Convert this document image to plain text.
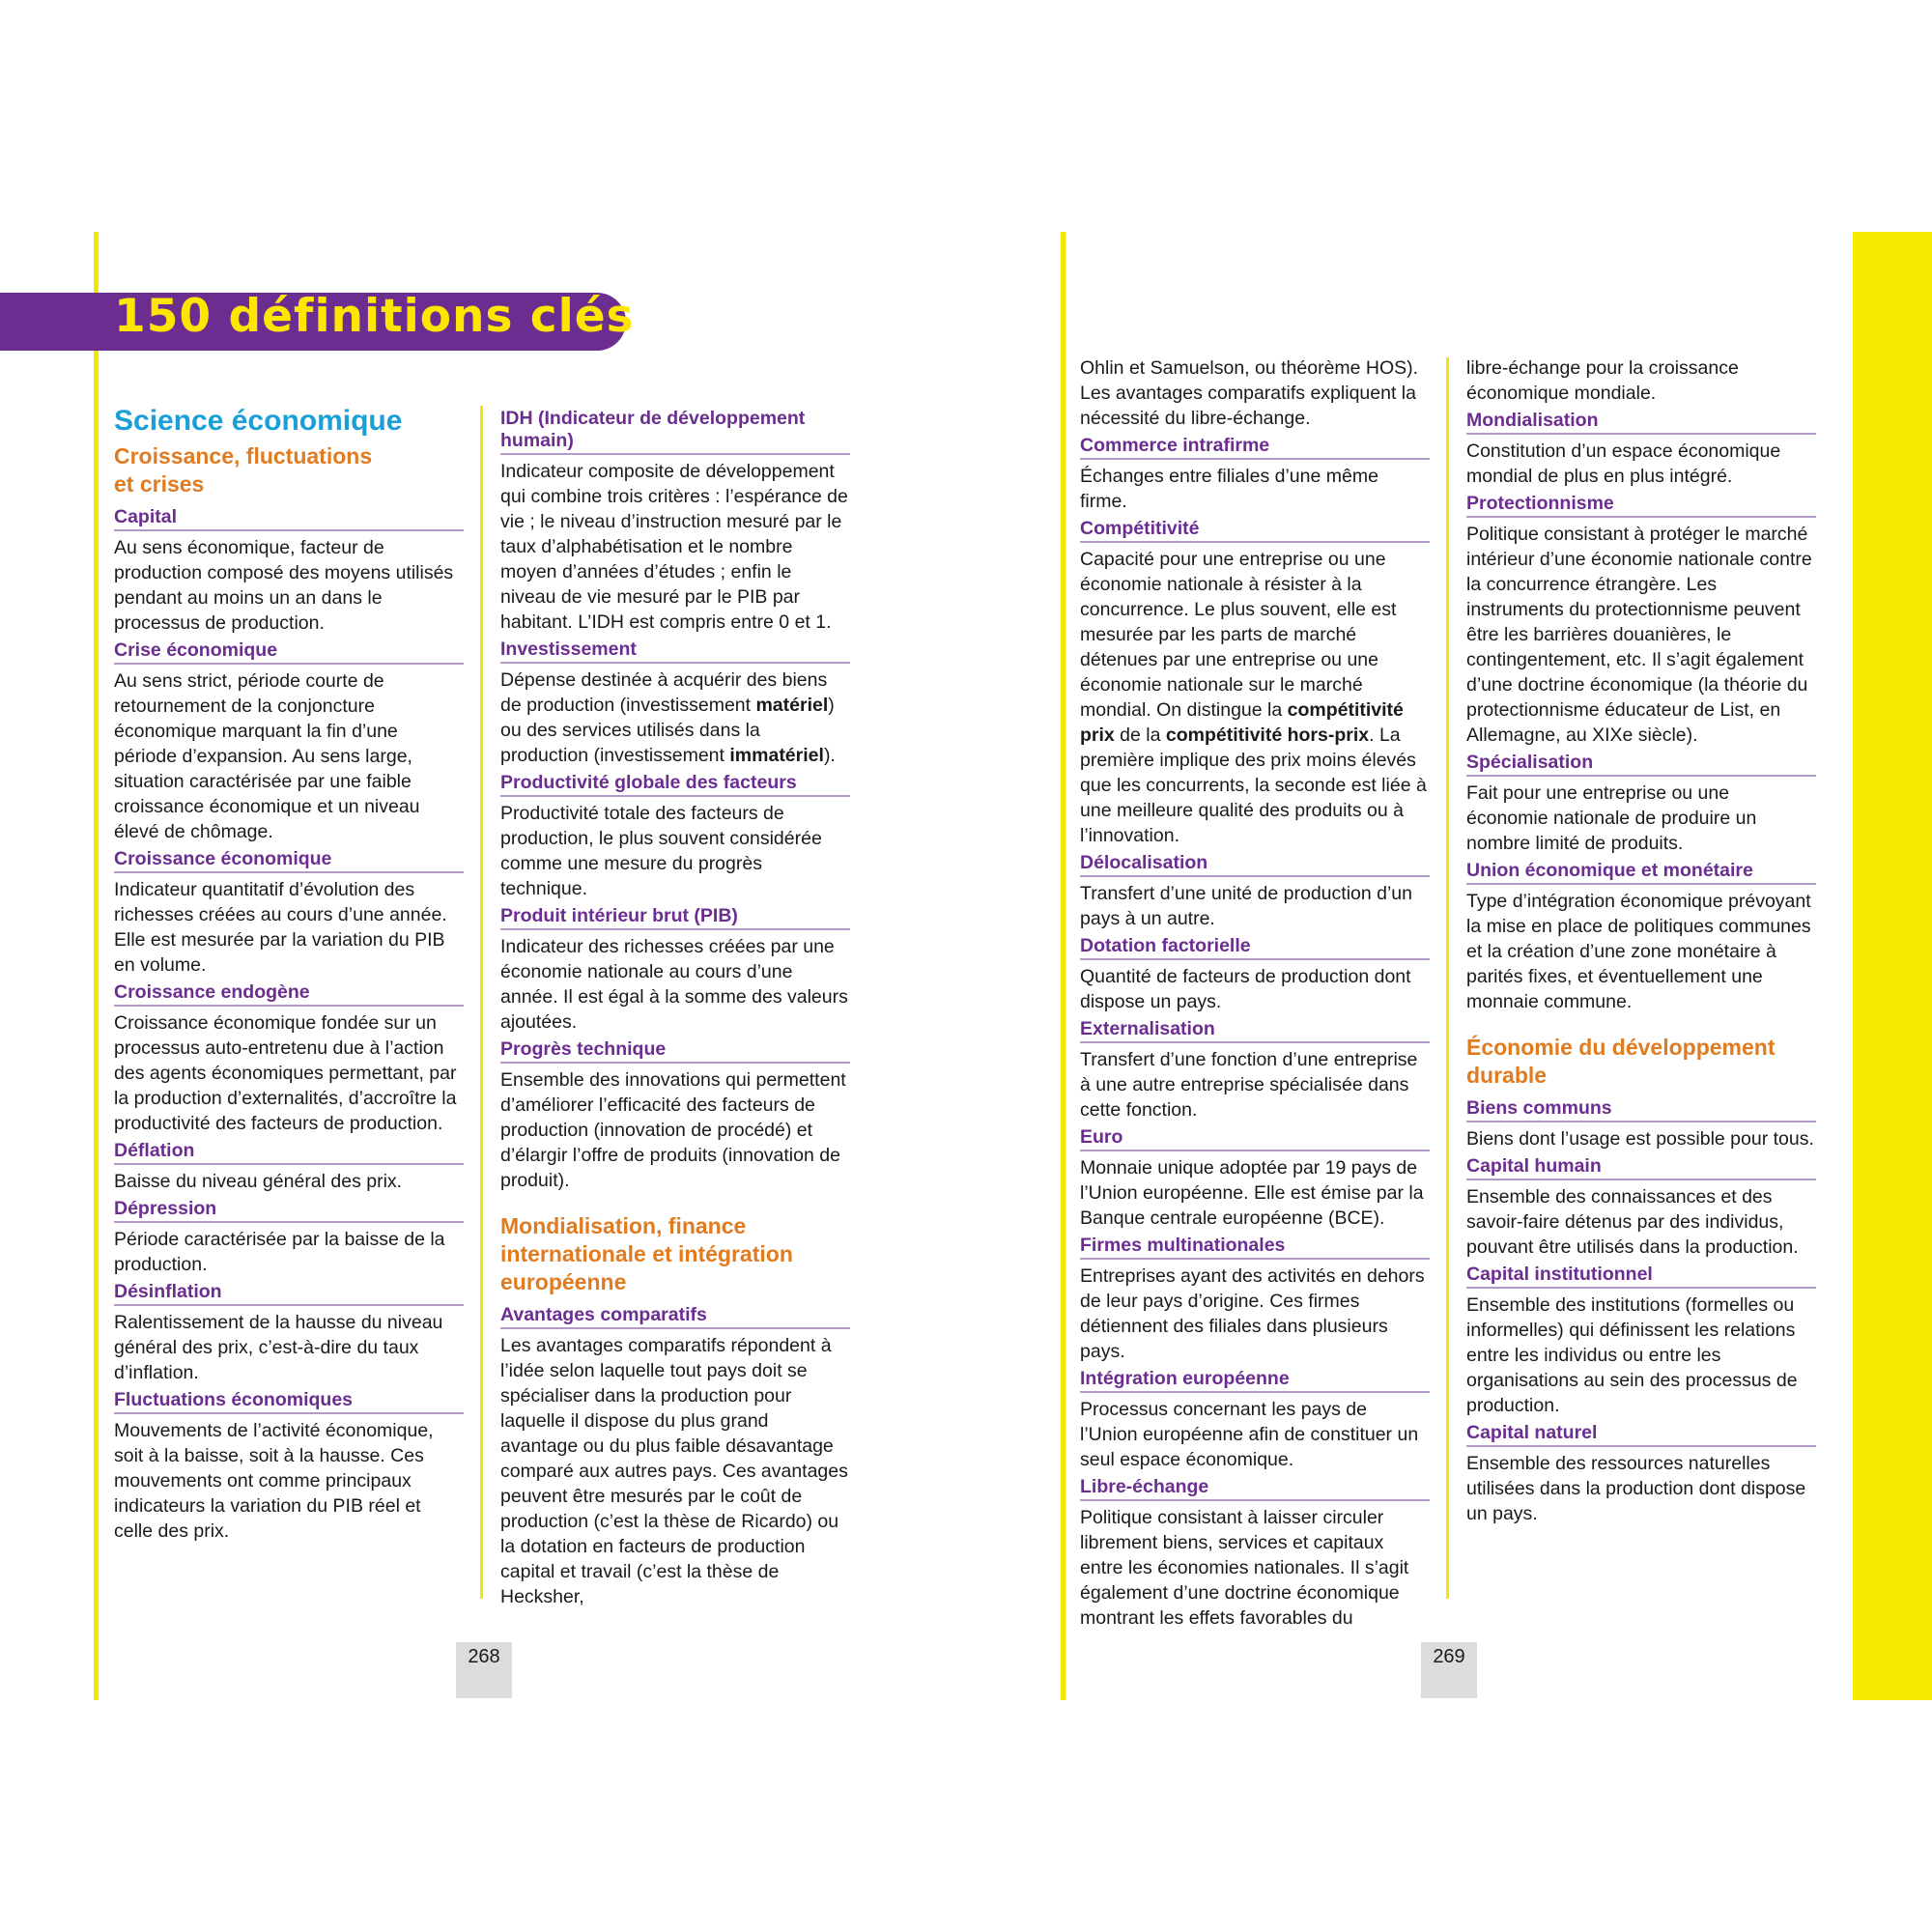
150 définitions clés
Science économique
Croissance, fluctuations et crises
Capital
Au sens économique, facteur de production composé des moyens utilisés pendant au moins un an dans le processus de production.
Crise économique
Au sens strict, période courte de retournement de la conjoncture économique marquant la fin d’une période d’expansion. Au sens large, situation caractérisée par une faible croissance économique et un niveau élevé de chômage.
Croissance économique
Indicateur quantitatif d’évolution des richesses créées au cours d’une année. Elle est mesurée par la variation du PIB en volume.
Croissance endogène
Croissance économique fondée sur un processus auto-entretenu due à l’action des agents économiques permettant, par la production d’externalités, d’accroître la productivité des facteurs de production.
Déflation
Baisse du niveau général des prix.
Dépression
Période caractérisée par la baisse de la production.
Désinflation
Ralentissement de la hausse du niveau général des prix, c’est-à-dire du taux d’inflation.
Fluctuations économiques
Mouvements de l’activité économique, soit à la baisse, soit à la hausse. Ces mouvements ont comme principaux indicateurs la variation du PIB réel et celle des prix.
IDH (Indicateur de développement humain)
Indicateur composite de développement qui combine trois critères : l’espérance de vie ; le niveau d’instruction mesuré par le taux d’alphabétisation et le nombre moyen d’années d’études ; enfin le niveau de vie mesuré par le PIB par habitant. L’IDH est compris entre 0 et 1.
Investissement
Dépense destinée à acquérir des biens de production (investissement matériel) ou des services utilisés dans la production (investissement immatériel).
Productivité globale des facteurs
Productivité totale des facteurs de production, le plus souvent considérée comme une mesure du progrès technique.
Produit intérieur brut (PIB)
Indicateur des richesses créées par une économie nationale au cours d’une année. Il est égal à la somme des valeurs ajoutées.
Progrès technique
Ensemble des innovations qui permettent d’améliorer l’efficacité des facteurs de production (innovation de procédé) et d’élargir l’offre de produits (innovation de produit).
Mondialisation, finance internationale et intégration européenne
Avantages comparatifs
Les avantages comparatifs répondent à l’idée selon laquelle tout pays doit se spécialiser dans la production pour laquelle il dispose du plus grand avantage ou du plus faible désavantage comparé aux autres pays. Ces avantages peuvent être mesurés par le coût de production (c’est la thèse de Ricardo) ou la dotation en facteurs de production capital et travail (c’est la thèse de Hecksher,
Ohlin et Samuelson, ou théorème HOS). Les avantages comparatifs expliquent la nécessité du libre-échange.
Commerce intrafirme
Échanges entre filiales d’une même firme.
Compétitivité
Capacité pour une entreprise ou une économie nationale à résister à la concurrence. Le plus souvent, elle est mesurée par les parts de marché détenues par une entreprise ou une économie nationale sur le marché mondial. On distingue la compétitivité prix de la compétitivité hors-prix. La première implique des prix moins élevés que les concurrents, la seconde est liée à une meilleure qualité des produits ou à l’innovation.
Délocalisation
Transfert d’une unité de production d’un pays à un autre.
Dotation factorielle
Quantité de facteurs de production dont dispose un pays.
Externalisation
Transfert d’une fonction d’une entreprise à une autre entreprise spécialisée dans cette fonction.
Euro
Monnaie unique adoptée par 19 pays de l’Union européenne. Elle est émise par la Banque centrale européenne (BCE).
Firmes multinationales
Entreprises ayant des activités en dehors de leur pays d’origine. Ces firmes détiennent des filiales dans plusieurs pays.
Intégration européenne
Processus concernant les pays de l’Union européenne afin de constituer un seul espace économique.
Libre-échange
Politique consistant à laisser circuler librement biens, services et capitaux entre les économies nationales. Il s’agit également d’une doctrine économique montrant les effets favorables du
libre-échange pour la croissance économique mondiale.
Mondialisation
Constitution d’un espace économique mondial de plus en plus intégré.
Protectionnisme
Politique consistant à protéger le marché intérieur d’une économie nationale contre la concurrence étrangère. Les instruments du protectionnisme peuvent être les barrières douanières, le contingentement, etc. Il s’agit également d’une doctrine économique (la théorie du protectionnisme éducateur de List, en Allemagne, au XIXe siècle).
Spécialisation
Fait pour une entreprise ou une économie nationale de produire un nombre limité de produits.
Union économique et monétaire
Type d’intégration économique prévoyant la mise en place de politiques communes et la création d’une zone monétaire à parités fixes, et éventuellement une monnaie commune.
Économie du développement durable
Biens communs
Biens dont l’usage est possible pour tous.
Capital humain
Ensemble des connaissances et des savoir-faire détenus par des individus, pouvant être utilisés dans la production.
Capital institutionnel
Ensemble des institutions (formelles ou informelles) qui définissent les relations entre les individus ou entre les organisations au sein des processus de production.
Capital naturel
Ensemble des ressources naturelles utilisées dans la production dont dispose un pays.
268	269
